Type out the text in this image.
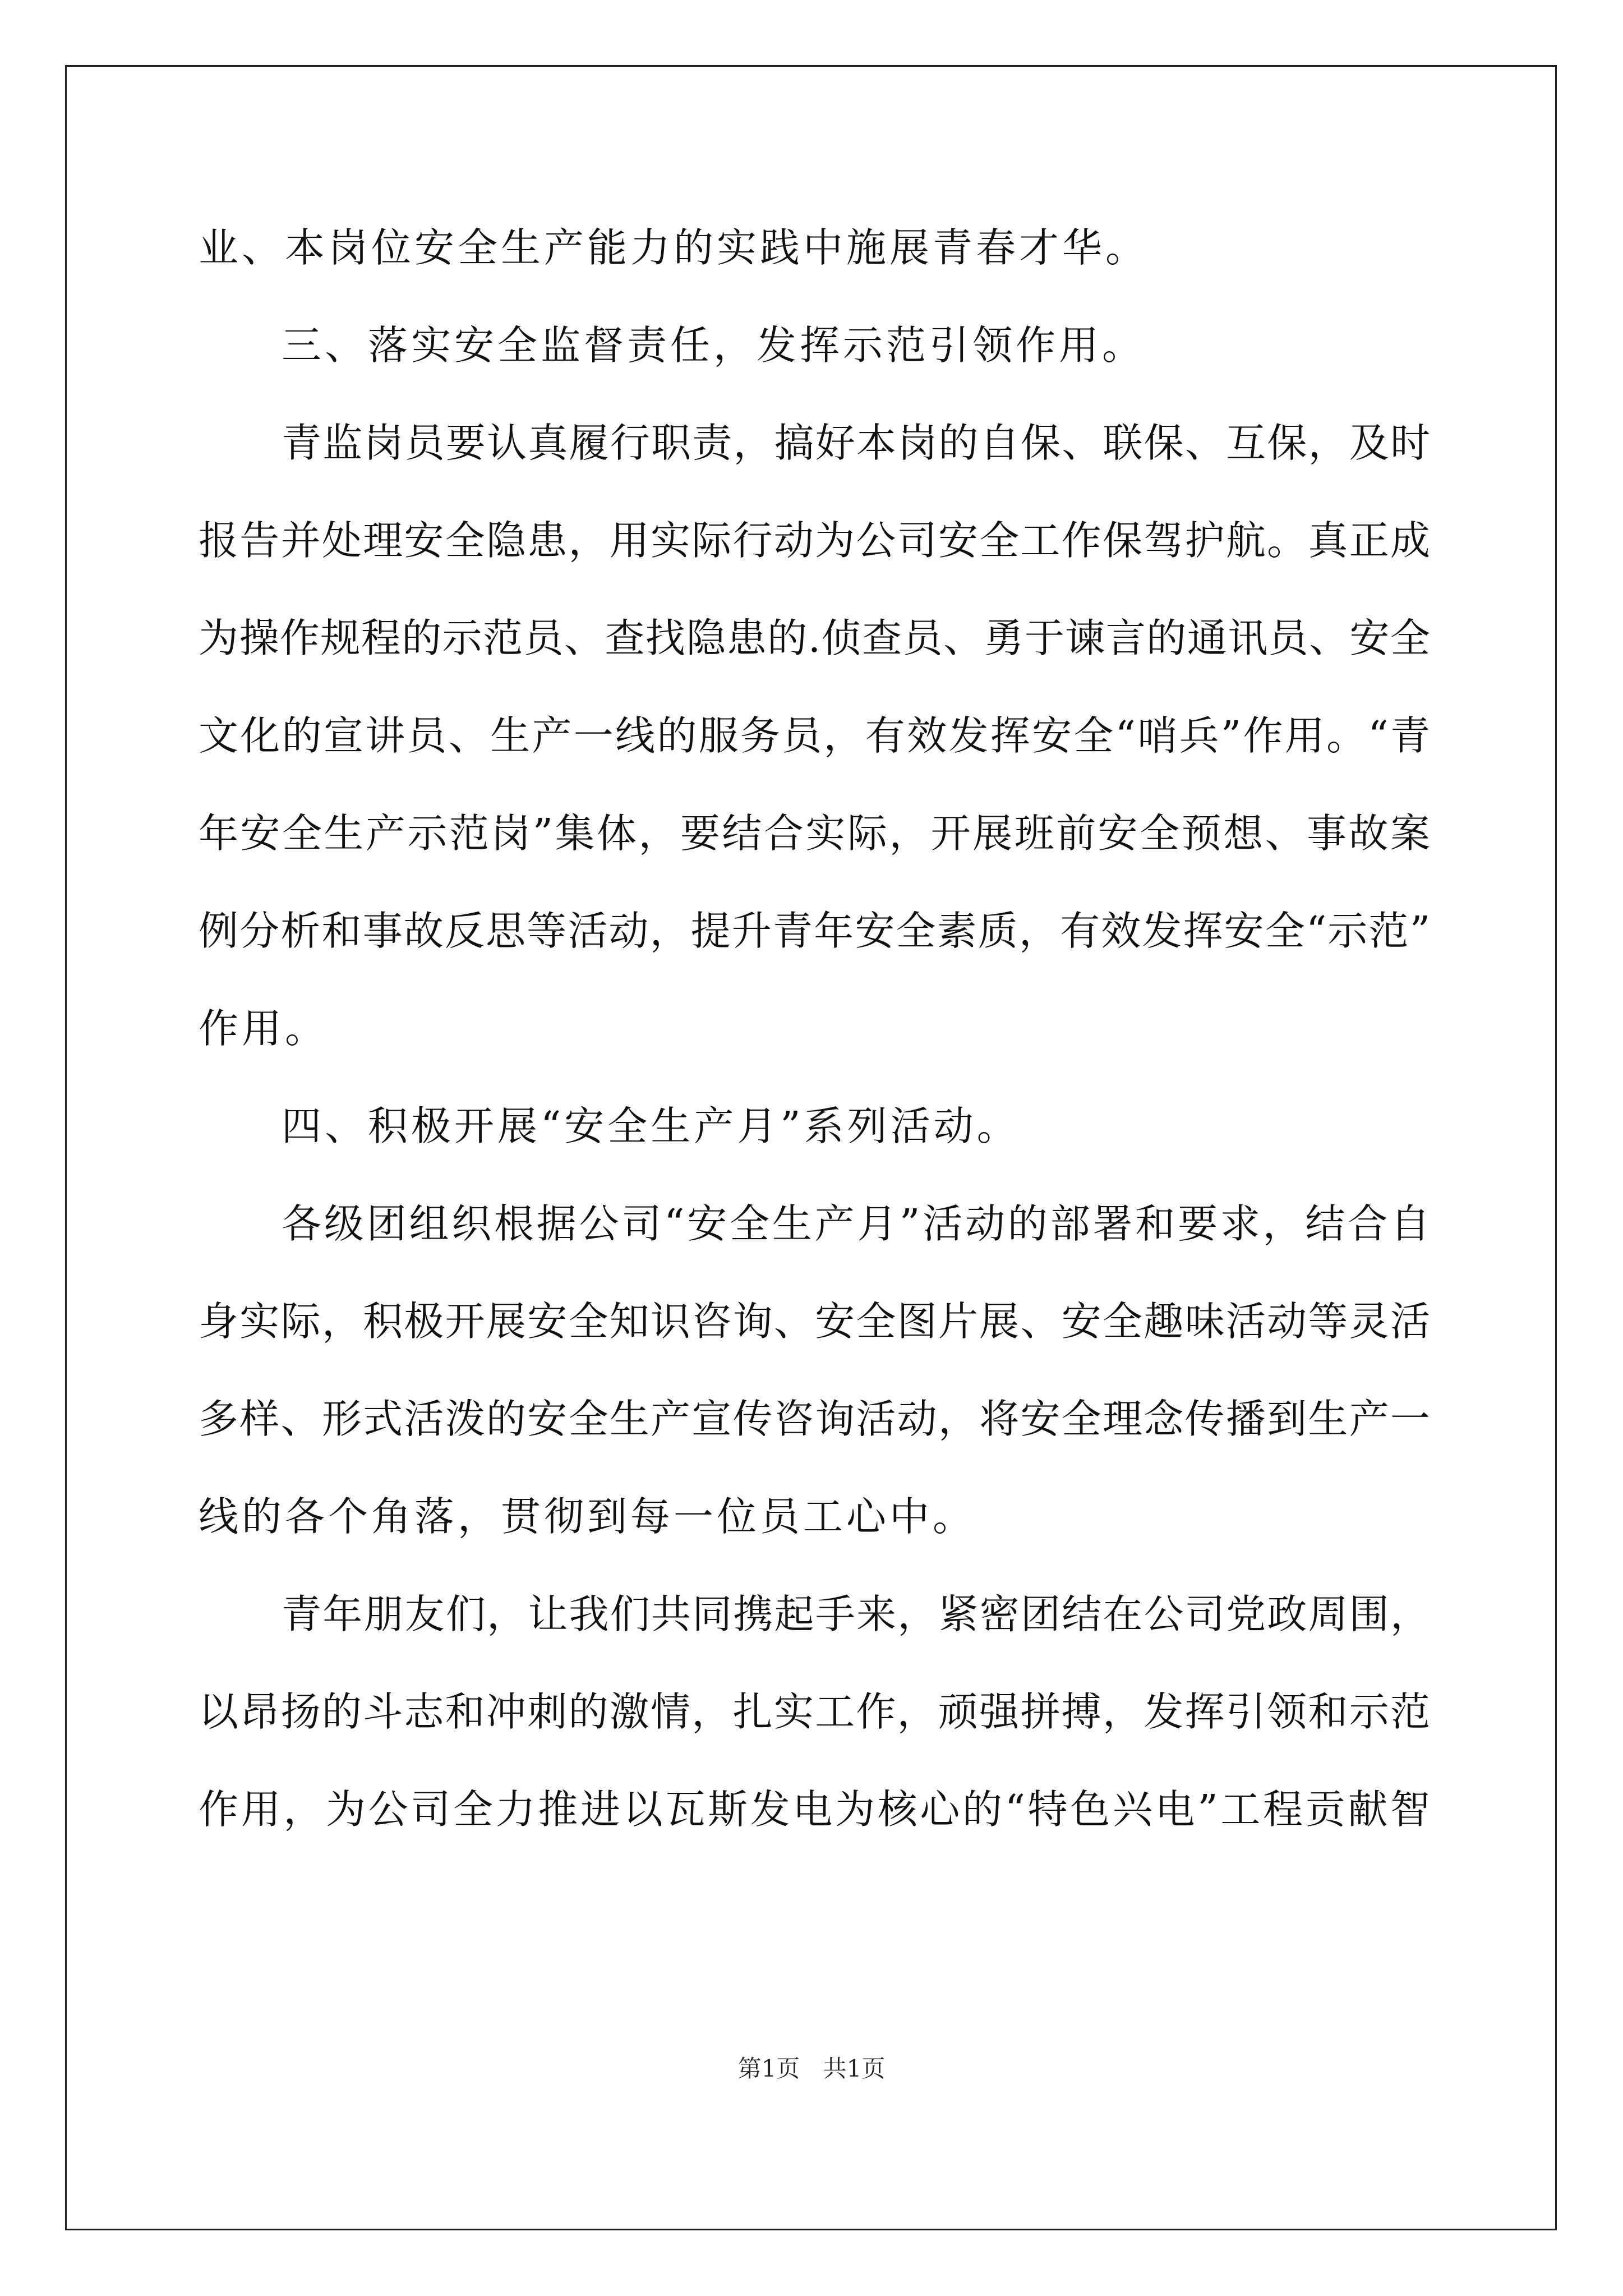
业、本岗位安全生产能力的实践中施展青春才华。
三、落实安全监督责任，发挥示范引领作用。
青监岗员要认真履行职责，搞好本岗的自保、联保、互保，及时
报告并处理安全隐患，用实际行动为公司安全工作保驾护航。真正成
为操作规程的示范员、查找隐患的.侦查员、勇于谏言的通讯员、安全
文化的宣讲员、生产一线的服务员，有效发挥安全“哨兵”作用。“青
年安全生产示范岗”集体，要结合实际，开展班前安全预想、事故案
例分析和事故反思等活动，提升青年安全素质，有效发挥安全“示范”
作用。
四、积极开展“安全生产月”系列活动。
各级团组织根据公司“安全生产月”活动的部署和要求，结合自
身实际，积极开展安全知识咨询、安全图片展、安全趣味活动等灵活
多样、形式活泼的安全生产宣传咨询活动，将安全理念传播到生产一
线的各个角落，贯彻到每一位员工心中。
青年朋友们，让我们共同携起手来，紧密团结在公司党政周围，
以昂扬的斗志和冲刺的激情，扎实工作，顽强拼搏，发挥引领和示范
作用，为公司全力推进以瓦斯发电为核心的“特色兴电”工程贡献智
第1页 共1页
